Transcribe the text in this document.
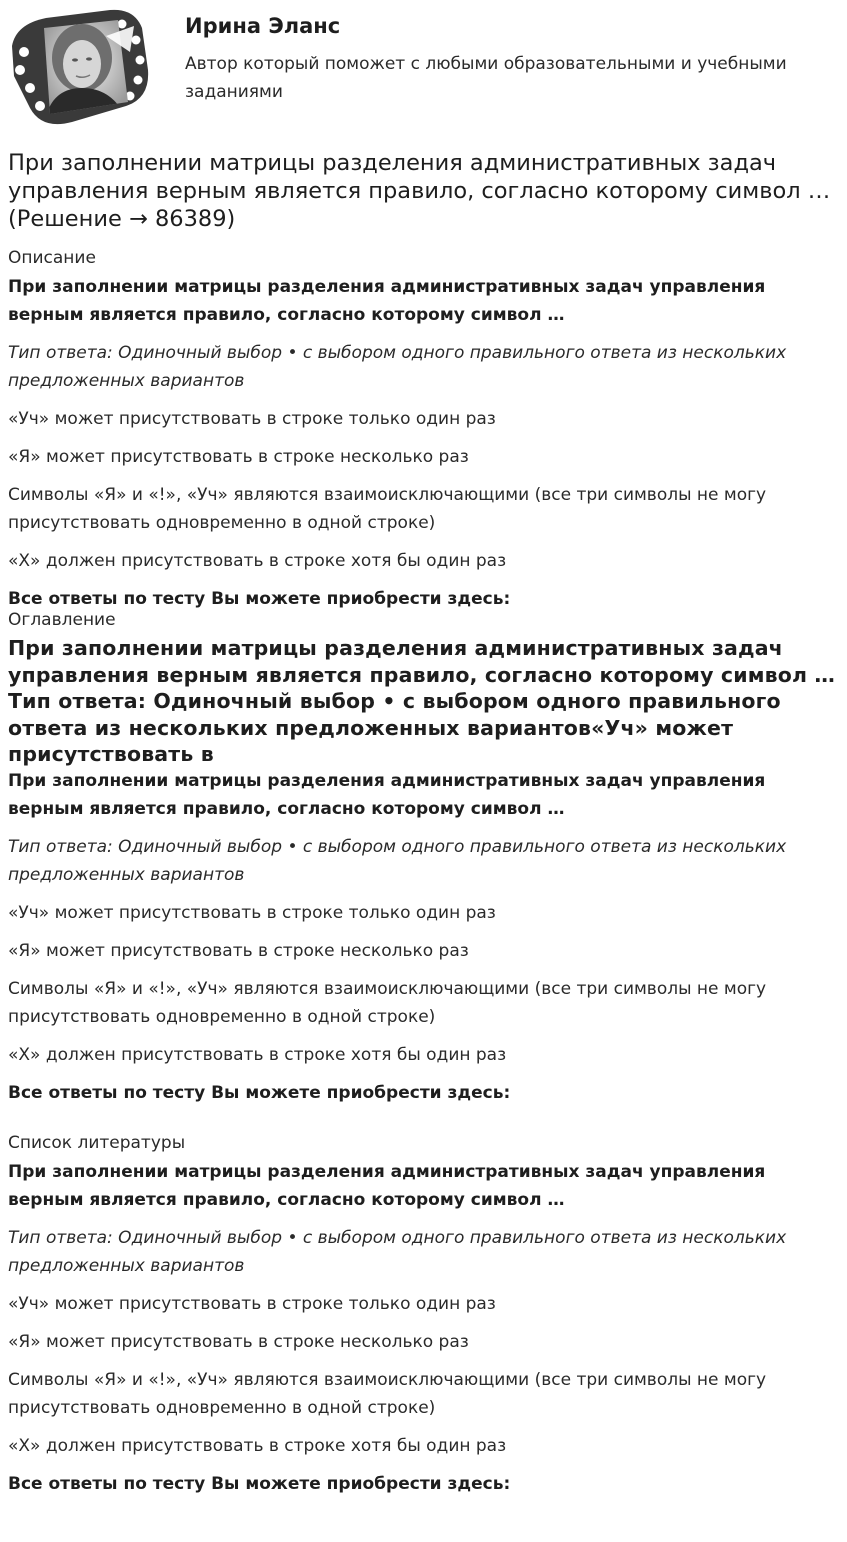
Ирина Эланс
Автор который поможет с любыми образовательными и учебными заданиями
При заполнении матрицы разделения административных задач управления верным является правило, согласно которому символ … (Решение → 86389)

Описание

При заполнении матрицы разделения административных задач управления верным является правило, согласно которому символ …

Тип ответа: Одиночный выбор • с выбором одного правильного ответа из нескольких предложенных вариантов

«Уч» может присутствовать в строке только один раз

«Я» может присутствовать в строке несколько раз

Символы «Я» и «!», «Уч» являются взаимоисключающими (все три символы не могу присутствовать одновременно в одной строке)

«Х» должен присутствовать в строке хотя бы один раз

Все ответы по тесту Вы можете приобрести здесь:

Оглавление

При заполнении матрицы разделения административных задач управления верным является правило, согласно которому символ …Тип ответа: Одиночный выбор • с выбором одного правильного ответа из нескольких предложенных вариантов«Уч» может присутствовать в

При заполнении матрицы разделения административных задач управления верным является правило, согласно которому символ …

Тип ответа: Одиночный выбор • с выбором одного правильного ответа из нескольких предложенных вариантов

«Уч» может присутствовать в строке только один раз

«Я» может присутствовать в строке несколько раз

Символы «Я» и «!», «Уч» являются взаимоисключающими (все три символы не могу присутствовать одновременно в одной строке)

«Х» должен присутствовать в строке хотя бы один раз

Все ответы по тесту Вы можете приобрести здесь:

Список литературы

При заполнении матрицы разделения административных задач управления верным является правило, согласно которому символ …

Тип ответа: Одиночный выбор • с выбором одного правильного ответа из нескольких предложенных вариантов

«Уч» может присутствовать в строке только один раз

«Я» может присутствовать в строке несколько раз

Символы «Я» и «!», «Уч» являются взаимоисключающими (все три символы не могу присутствовать одновременно в одной строке)

«Х» должен присутствовать в строке хотя бы один раз

Все ответы по тесту Вы можете приобрести здесь:
